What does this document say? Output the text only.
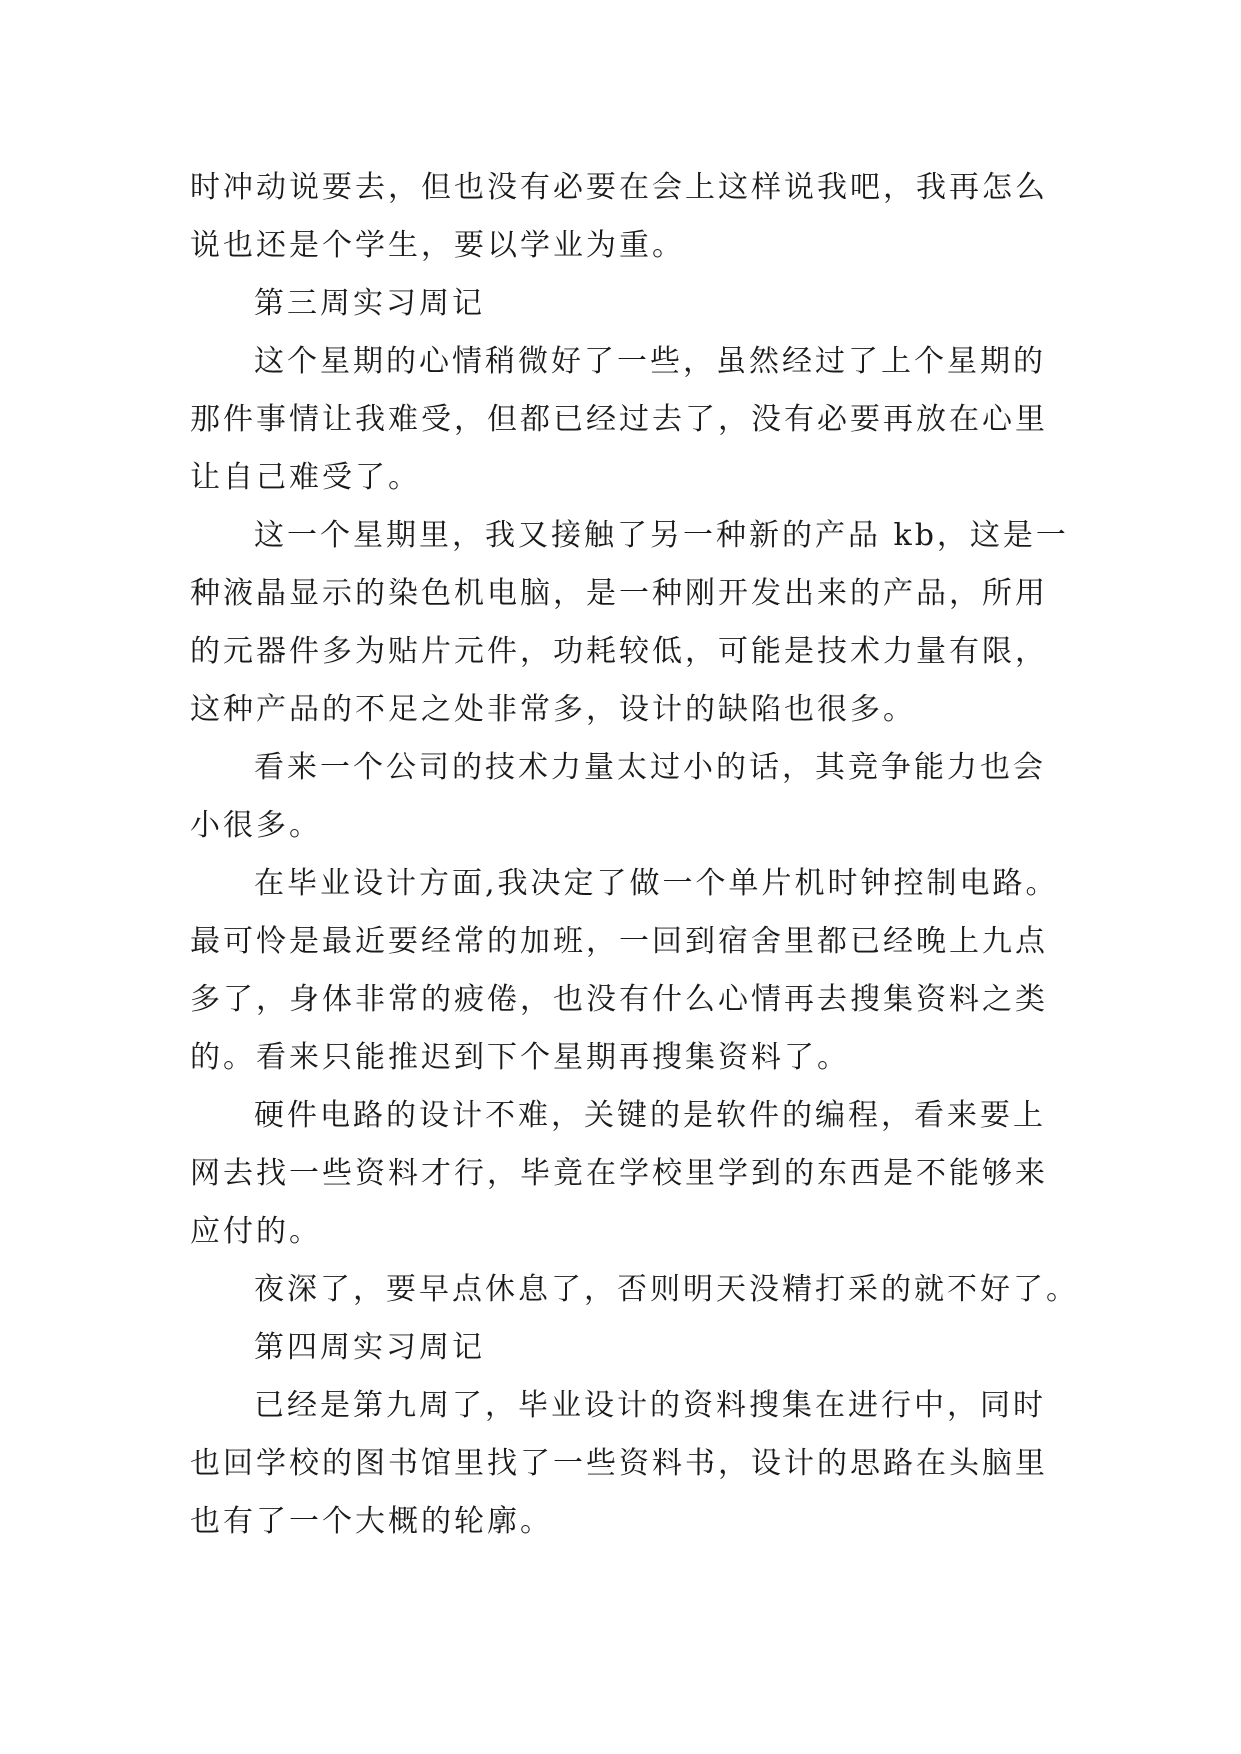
时冲动说要去，但也没有必要在会上这样说我吧，我再怎么
说也还是个学生，要以学业为重。
第三周实习周记
这个星期的心情稍微好了一些，虽然经过了上个星期的
那件事情让我难受，但都已经过去了，没有必要再放在心里
让自己难受了。
这一个星期里，我又接触了另一种新的产品 kb，这是一
种液晶显示的染色机电脑，是一种刚开发出来的产品，所用
的元器件多为贴片元件，功耗较低，可能是技术力量有限，
这种产品的不足之处非常多，设计的缺陷也很多。
看来一个公司的技术力量太过小的话，其竞争能力也会
小很多。
在毕业设计方面,我决定了做一个单片机时钟控制电路。
最可怜是最近要经常的加班，一回到宿舍里都已经晚上九点
多了，身体非常的疲倦，也没有什么心情再去搜集资料之类
的。看来只能推迟到下个星期再搜集资料了。
硬件电路的设计不难，关键的是软件的编程，看来要上
网去找一些资料才行，毕竟在学校里学到的东西是不能够来
应付的。
夜深了，要早点休息了，否则明天没精打采的就不好了。
第四周实习周记
已经是第九周了，毕业设计的资料搜集在进行中，同时
也回学校的图书馆里找了一些资料书，设计的思路在头脑里
也有了一个大概的轮廓。
